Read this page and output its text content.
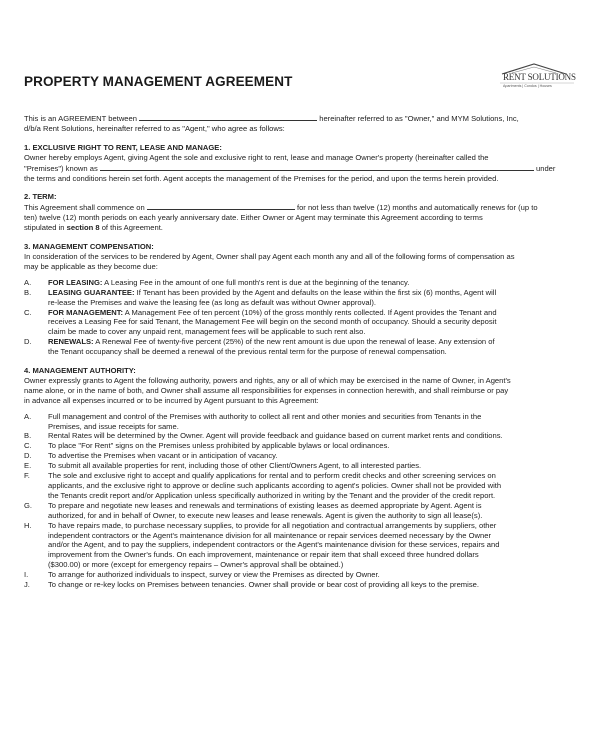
PROPERTY MANAGEMENT AGREEMENT	RENT SOLUTIONS
Apartments | Condos | Houses

This is an AGREEMENT between	hereinafter referred to as "Owner," and MYM Solutions, Inc,

d/b/a Rent Solutions, hereinafter referred to as "Agent," who agree as follows:

1. EXCLUSIVE RIGHT TO RENT, LEASE AND MANAGE:

Owner hereby employs Agent, giving Agent the sole and exclusive right to rent, lease and manage Owner's property (hereinafter called the

"Premises") known as	under

the terms and conditions herein set forth. Agent accepts the management of the Premises for the period, and upon the terms herein provided.

2. TERM:

This Agreement shall commence on	for not less than twelve (12) months and automatically renews for (up to

ten) twelve (12) month periods on each yearly anniversary date. Either Owner or Agent may terminate this Agreement according to terms

stipulated in section 8 of this Agreement.

3. MANAGEMENT COMPENSATION:

In consideration of the services to be rendered by Agent, Owner shall pay Agent each month any and all of the following forms of compensation as

may be applicable as they become due:

A.	FOR LEASING: A Leasing Fee in the amount of one full month's rent is due at the beginning of the tenancy.
B.	LEASING GUARANTEE: If Tenant has been provided by the Agent and defaults on the lease within the first six (6) months, Agent will
re-lease the Premises and waive the leasing fee (as long as default was without Owner approval).
C.	FOR MANAGEMENT: A Management Fee of ten percent (10%) of the gross monthly rents collected. If Agent provides the Tenant and
receives a Leasing Fee for said Tenant, the Management Fee will begin on the second month of occupancy. Should a security deposit
claim be made to cover any unpaid rent, management fees will be applicable to such rent also.
D.	RENEWALS: A Renewal Fee of twenty-five percent (25%) of the new rent amount is due upon the renewal of lease. Any extension of
the Tenant occupancy shall be deemed a renewal of the previous rental term for the purpose of renewal compensation.

4. MANAGEMENT AUTHORITY:

Owner expressly grants to Agent the following authority, powers and rights, any or all of which may be exercised in the name of Owner, in Agent's

name alone, or in the name of both, and Owner shall assume all responsibilities for expenses in connection herewith, and shall reimburse or pay

in advance all expenses incurred or to be incurred by Agent pursuant to this Agreement:

A.	Full management and control of the Premises with authority to collect all rent and other monies and securities from Tenants in the
Premises, and issue receipts for same.
B.	Rental Rates will be determined by the Owner. Agent will provide feedback and guidance based on current market rents and conditions.
C.	To place "For Rent" signs on the Premises unless prohibited by applicable bylaws or local ordinances.
D.	To advertise the Premises when vacant or in anticipation of vacancy.
E.	To submit all available properties for rent, including those of other Client/Owners Agent, to all interested parties.
F.	The sole and exclusive right to accept and qualify applications for rental and to perform credit checks and other screening services on
applicants, and the exclusive right to approve or decline such applicants according to agent's policies. Owner shall not be provided with
the Tenants credit report and/or Application unless specifically authorized in writing by the Tenant and the provider of the credit report.
G.	To prepare and negotiate new leases and renewals and terminations of existing leases as deemed appropriate by Agent. Agent is
authorized, for and in behalf of Owner, to execute new leases and lease renewals. Agent is given the authority to sign all lease(s).
H.	To have repairs made, to purchase necessary supplies, to provide for all negotiation and contractual arrangements by suppliers, other
independent contractors or the Agent's maintenance division for all maintenance or repair services deemed necessary by the Owner
and/or the Agent, and to pay the suppliers, independent contractors or the Agent's maintenance division for these services, repairs and
improvement from the Owner's funds. On each improvement, maintenance or repair item that shall exceed three hundred dollars
($300.00) or more (except for emergency repairs – Owner's approval shall be obtained.)
I.	To arrange for authorized individuals to inspect, survey or view the Premises as directed by Owner.
J.	To change or re-key locks on Premises between tenancies. Owner shall provide or bear cost of providing all keys to the premise.
